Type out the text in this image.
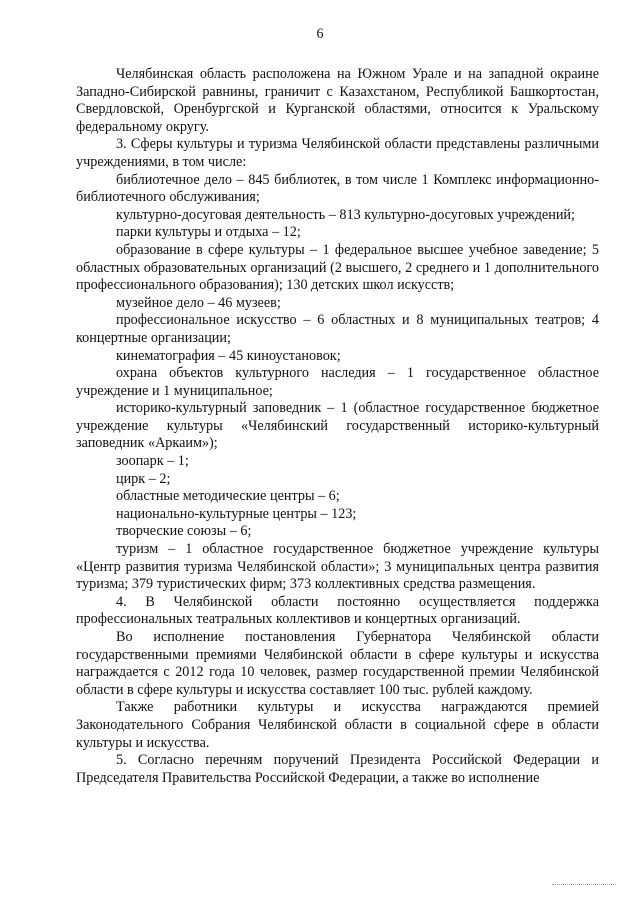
6

Челябинская область расположена на Южном Урале и на западной окраине Западно-Сибирской равнины, граничит с Казахстаном, Республикой Башкортостан, Свердловской, Оренбургской и Курганской областями, относится к Уральскому федеральному округу.

3. Сферы культуры и туризма Челябинской области представлены различными учреждениями, в том числе:

библиотечное дело – 845 библиотек, в том числе 1 Комплекс информационно-библиотечного обслуживания;

культурно-досуговая деятельность – 813 культурно-досуговых учреждений;

парки культуры и отдыха – 12;

образование в сфере культуры – 1 федеральное высшее учебное заведение; 5 областных образовательных организаций (2 высшего, 2 среднего и 1 дополнительного профессионального образования); 130 детских школ искусств;

музейное дело – 46 музеев;

профессиональное искусство – 6 областных и 8 муниципальных театров; 4 концертные организации;

кинематография – 45 киноустановок;

охрана объектов культурного наследия – 1 государственное областное учреждение и 1 муниципальное;

историко-культурный заповедник – 1 (областное государственное бюджетное учреждение культуры «Челябинский государственный историко-культурный заповедник «Аркаим»);

зоопарк – 1;

цирк – 2;

областные методические центры – 6;

национально-культурные центры – 123;

творческие союзы – 6;

туризм – 1 областное государственное бюджетное учреждение культуры «Центр развития туризма Челябинской области»; 3 муниципальных центра развития туризма; 379 туристических фирм; 373 коллективных средства размещения.

4. В Челябинской области постоянно осуществляется поддержка профессиональных театральных коллективов и концертных организаций.

Во исполнение постановления Губернатора Челябинской области государственными премиями Челябинской области в сфере культуры и искусства награждается с 2012 года 10 человек, размер государственной премии Челябинской области в сфере культуры и искусства составляет 100 тыс. рублей каждому.

Также работники культуры и искусства награждаются премией Законодательного Собрания Челябинской области в социальной сфере в области культуры и искусства.

5. Согласно перечням поручений Президента Российской Федерации и Председателя Правительства Российской Федерации, а также во исполнение
